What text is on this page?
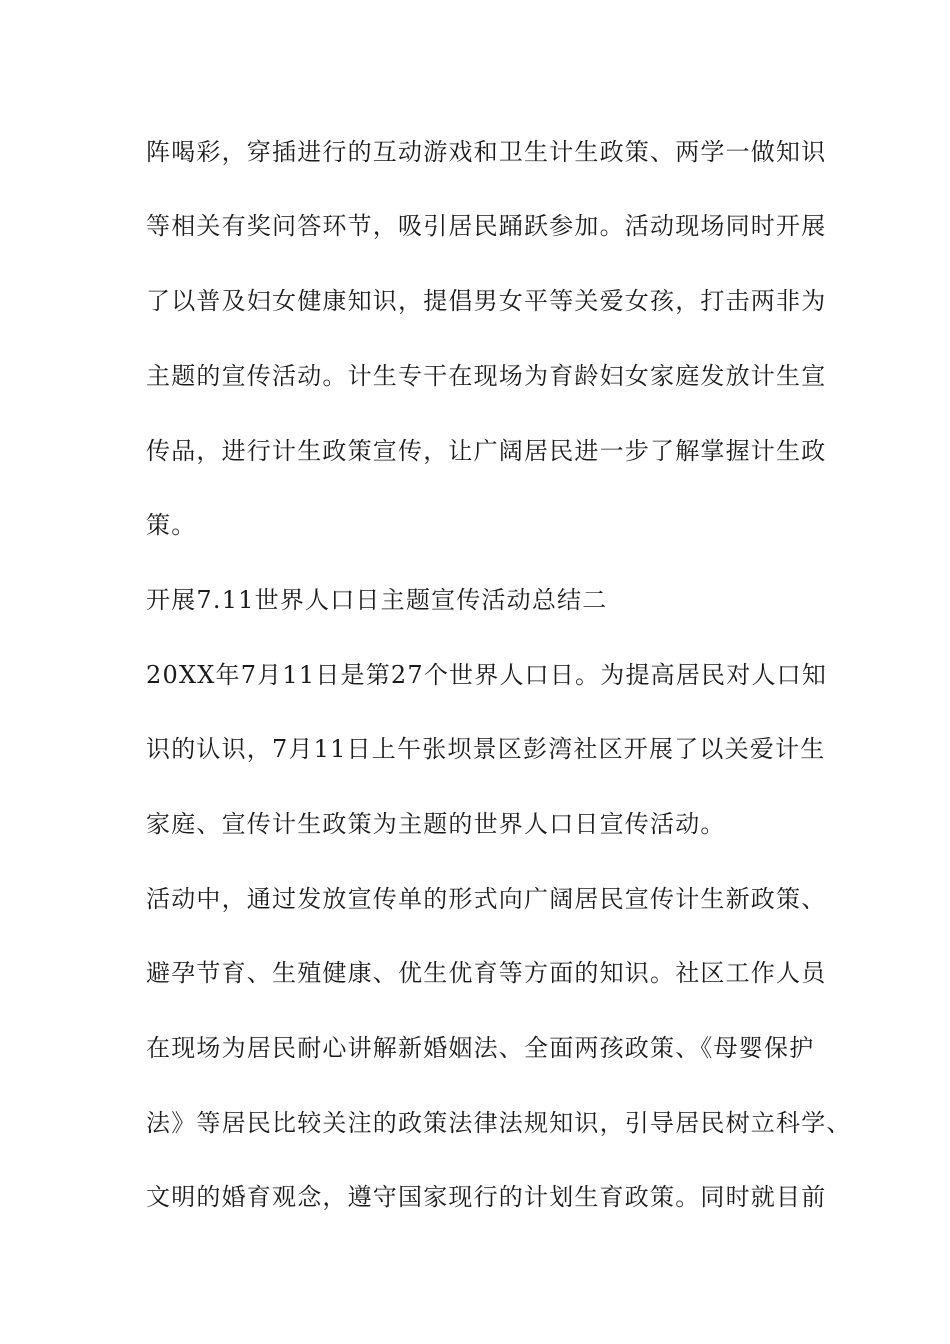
阵喝彩，穿插进行的互动游戏和卫生计生政策、两学一做知识
等相关有奖问答环节，吸引居民踊跃参加。活动现场同时开展
了以普及妇女健康知识，提倡男女平等关爱女孩，打击两非为
主题的宣传活动。计生专干在现场为育龄妇女家庭发放计生宣
传品，进行计生政策宣传，让广阔居民进一步了解掌握计生政
策。
开展7.11世界人口日主题宣传活动总结二
20XX年7月11日是第27个世界人口日。为提高居民对人口知
识的认识，7月11日上午张坝景区彭湾社区开展了以关爱计生
家庭、宣传计生政策为主题的世界人口日宣传活动。
活动中，通过发放宣传单的形式向广阔居民宣传计生新政策、
避孕节育、生殖健康、优生优育等方面的知识。社区工作人员
在现场为居民耐心讲解新婚姻法、全面两孩政策、《母婴保护
法》等居民比较关注的政策法律法规知识，引导居民树立科学、
文明的婚育观念，遵守国家现行的计划生育政策。同时就目前
